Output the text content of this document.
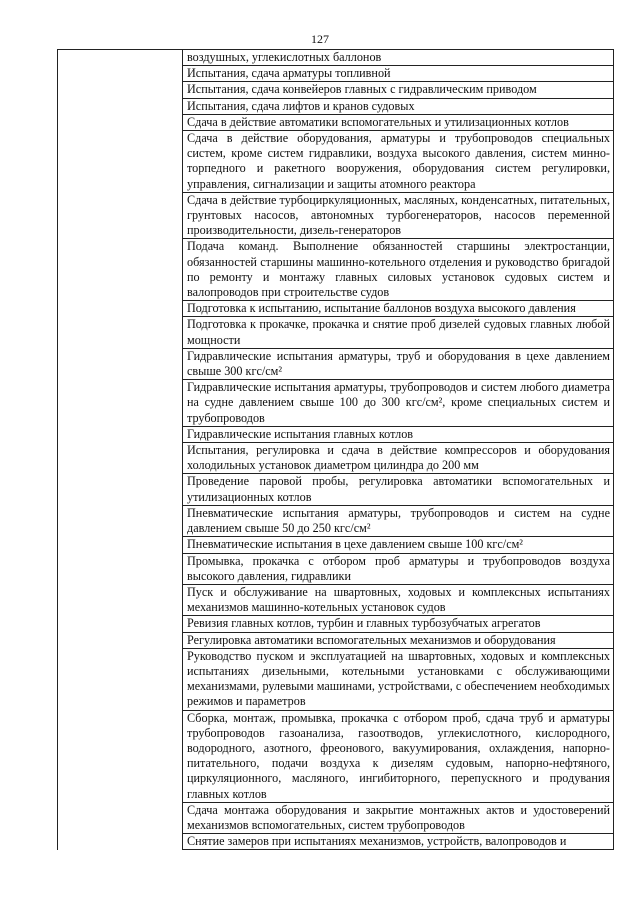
127
	воздушных, углекислотных баллонов
Испытания, сдача арматуры топливной
Испытания, сдача конвейеров главных с гидравлическим приводом
Испытания, сдача лифтов и кранов судовых
Сдача в действие автоматики вспомогательных и утилизационных котлов
Сдача в действие оборудования, арматуры и трубопроводов специальных систем, кроме систем гидравлики, воздуха высокого давления, систем минно-торпедного и ракетного вооружения, оборудования систем регулировки, управления, сигнализации и защиты атомного реактора
Сдача в действие турбоциркуляционных, масляных, конденсатных, питательных, грунтовых насосов, автономных турбогенераторов, насосов переменной производительности, дизель-генераторов
Подача команд. Выполнение обязанностей старшины электростанции, обязанностей старшины машинно-котельного отделения и руководство бригадой по ремонту и монтажу главных силовых установок судовых систем и валопроводов при строительстве судов
Подготовка к испытанию, испытание баллонов воздуха высокого давления
Подготовка к прокачке, прокачка и снятие проб дизелей судовых главных любой мощности
Гидравлические испытания арматуры, труб и оборудования в цехе давлением свыше 300 кгс/см²
Гидравлические испытания арматуры, трубопроводов и систем любого диаметра на судне давлением свыше 100 до 300 кгс/см², кроме специальных систем и трубопроводов
Гидравлические испытания главных котлов
Испытания, регулировка и сдача в действие компрессоров и оборудования холодильных установок диаметром цилиндра до 200 мм
Проведение паровой пробы, регулировка автоматики вспомогательных и утилизационных котлов
Пневматические испытания арматуры, трубопроводов и систем на судне давлением свыше 50 до 250 кгс/см²
Пневматические испытания в цехе давлением свыше 100 кгс/см²
Промывка, прокачка с отбором проб арматуры и трубопроводов воздуха высокого давления, гидравлики
Пуск и обслуживание на швартовных, ходовых и комплексных испытаниях механизмов машинно-котельных установок судов
Ревизия главных котлов, турбин и главных турбозубчатых агрегатов
Регулировка автоматики вспомогательных механизмов и оборудования
Руководство пуском и эксплуатацией на швартовных, ходовых и комплексных испытаниях дизельными, котельными установками с обслуживающими механизмами, рулевыми машинами, устройствами, с обеспечением необходимых режимов и параметров
Сборка, монтаж, промывка, прокачка с отбором проб, сдача труб и арматуры трубопроводов газоанализа, газоотводов, углекислотного, кислородного, водородного, азотного, фреонового, вакуумирования, охлаждения, напорно-питательного, подачи воздуха к дизелям судовым, напорно-нефтяного, циркуляционного, масляного, ингибиторного, перепускного и продувания главных котлов
Сдача монтажа оборудования и закрытие монтажных актов и удостоверений механизмов вспомогательных, систем трубопроводов
Снятие замеров при испытаниях механизмов, устройств, валопроводов и
